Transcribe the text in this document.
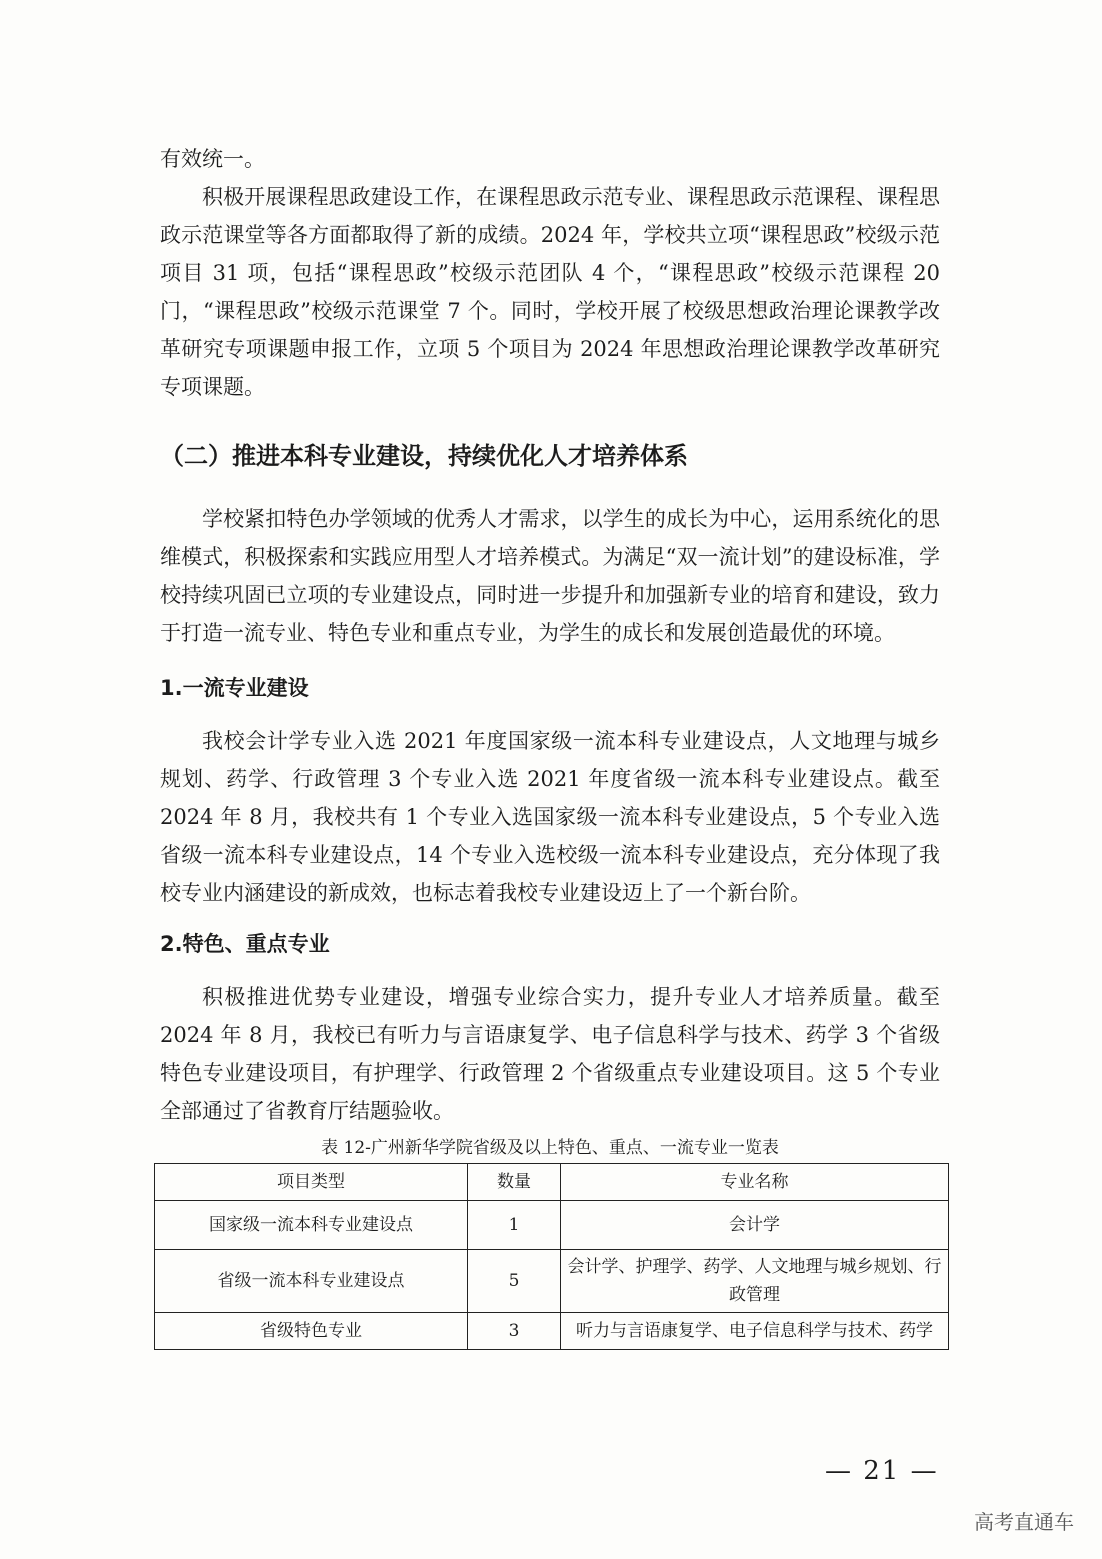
有效统一。

积极开展课程思政建设工作，在课程思政示范专业、课程思政示范课程、课程思政示范课堂等各方面都取得了新的成绩。2024 年，学校共立项“课程思政”校级示范项目 31 项，包括“课程思政”校级示范团队 4 个，“课程思政”校级示范课程 20 门，“课程思政”校级示范课堂 7 个。同时，学校开展了校级思想政治理论课教学改革研究专项课题申报工作，立项 5 个项目为 2024 年思想政治理论课教学改革研究专项课题。

（二）推进本科专业建设，持续优化人才培养体系

学校紧扣特色办学领域的优秀人才需求，以学生的成长为中心，运用系统化的思维模式，积极探索和实践应用型人才培养模式。为满足“双一流计划”的建设标准，学校持续巩固已立项的专业建设点，同时进一步提升和加强新专业的培育和建设，致力于打造一流专业、特色专业和重点专业，为学生的成长和发展创造最优的环境。

1.一流专业建设

我校会计学专业入选 2021 年度国家级一流本科专业建设点，人文地理与城乡规划、药学、行政管理 3 个专业入选 2021 年度省级一流本科专业建设点。截至 2024 年 8 月，我校共有 1 个专业入选国家级一流本科专业建设点，5 个专业入选省级一流本科专业建设点，14 个专业入选校级一流本科专业建设点，充分体现了我校专业内涵建设的新成效，也标志着我校专业建设迈上了一个新台阶。

2.特色、重点专业

积极推进优势专业建设，增强专业综合实力，提升专业人才培养质量。截至 2024 年 8 月，我校已有听力与言语康复学、电子信息科学与技术、药学 3 个省级特色专业建设项目，有护理学、行政管理 2 个省级重点专业建设项目。这 5 个专业全部通过了省教育厅结题验收。

表 12-广州新华学院省级及以上特色、重点、一流专业一览表
项目类型	数量	专业名称
国家级一流本科专业建设点	1	会计学
省级一流本科专业建设点	5	会计学、护理学、药学、人文地理与城乡规划、行政管理
省级特色专业	3	听力与言语康复学、电子信息科学与技术、药学
— 21 —
高考直通车
